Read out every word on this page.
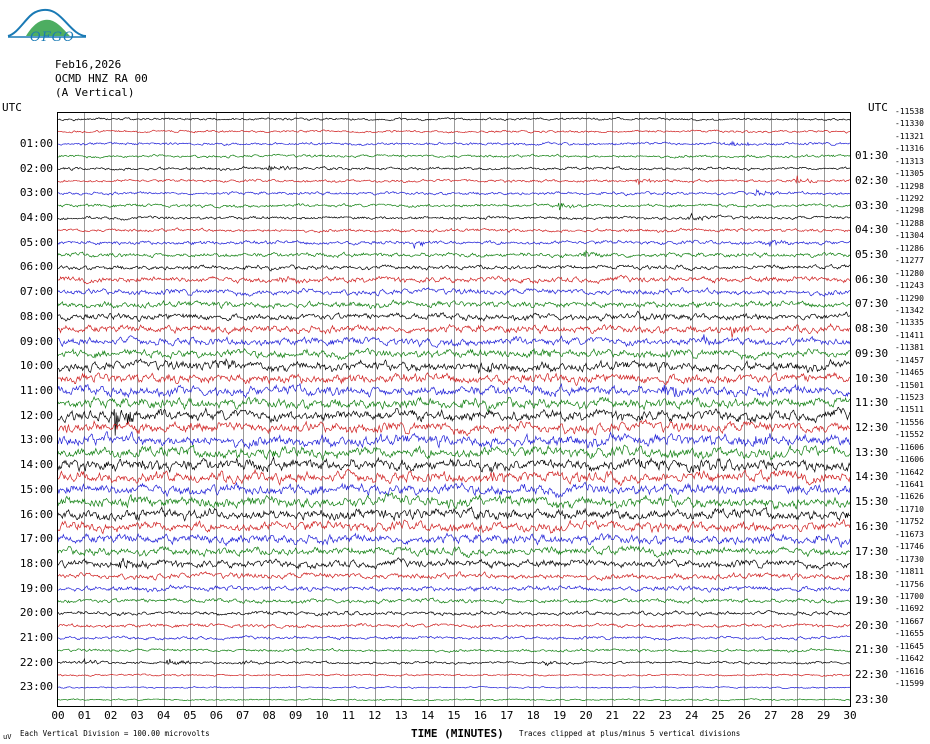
OFGO
Feb16,2026
OCMD HNZ RA 00
(A Vertical)
UTC	UTC
01:00
01:30
02:00
02:30
03:00
03:30
04:00
04:30
05:00
05:30
06:00
06:30
07:00
07:30
08:00
08:30
09:00
09:30
10:00
10:30
11:00
11:30
12:00
12:30
13:00
13:30
14:00
14:30
15:00
15:30
16:00
16:30
17:00
17:30
18:00
18:30
19:00
19:30
20:00
20:30
21:00
21:30
22:00
22:30
23:00
23:30
-11538
-11330
-11321
-11316
-11313
-11305
-11298
-11292
-11298
-11288
-11304
-11286
-11277
-11280
-11243
-11290
-11342
-11335
-11411
-11381
-11457
-11465
-11501
-11523
-11511
-11556
-11552
-11606
-11606
-11642
-11641
-11626
-11710
-11752
-11673
-11746
-11730
-11811
-11756
-11700
-11692
-11667
-11655
-11645
-11642
-11616
-11599
00 01 02 03 04 05 06 07 08 09 10 11 12 13 14 15 16 17 18 19 20 21 22 23 24 25 26 27 28 29 30
TIME (MINUTES)
Each Vertical Division = 100.00 microvolts	Traces clipped at plus/minus 5 vertical divisions
uV
